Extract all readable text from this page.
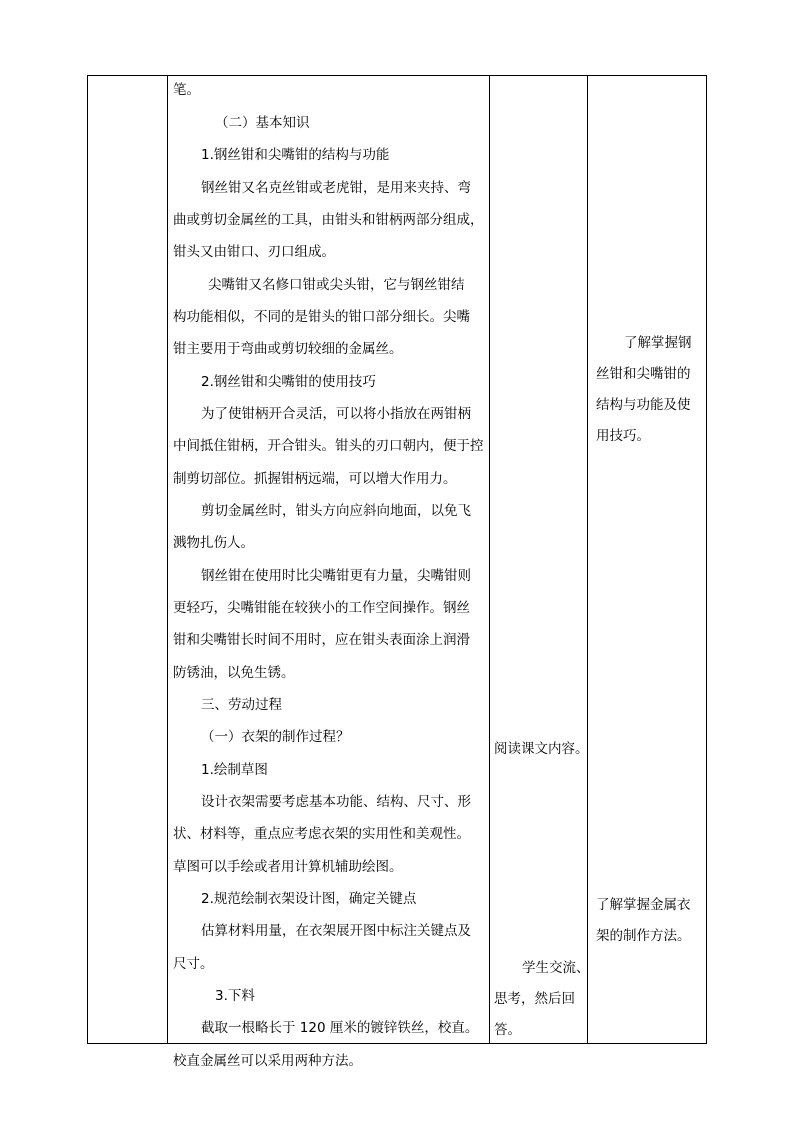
笔。
（二）基本知识
1.钢丝钳和尖嘴钳的结构与功能
钢丝钳又名克丝钳或老虎钳，是用来夹持、弯
曲或剪切金属丝的工具，由钳头和钳柄两部分组成，
钳头又由钳口、刃口组成。
尖嘴钳又名修口钳或尖头钳，它与钢丝钳结
构功能相似，不同的是钳头的钳口部分细长。尖嘴
钳主要用于弯曲或剪切较细的金属丝。
2.钢丝钳和尖嘴钳的使用技巧
为了使钳柄开合灵活，可以将小指放在两钳柄
中间抵住钳柄，开合钳头。钳头的刃口朝内，便于控
制剪切部位。抓握钳柄远端，可以增大作用力。
剪切金属丝时，钳头方向应斜向地面，以免飞
溅物扎伤人。
钢丝钳在使用时比尖嘴钳更有力量，尖嘴钳则
更轻巧，尖嘴钳能在较狭小的工作空间操作。钢丝
钳和尖嘴钳长时间不用时，应在钳头表面涂上润滑
防锈油，以免生锈。
三、劳动过程
（一）衣架的制作过程？
1.绘制草图
设计衣架需要考虑基本功能、结构、尺寸、形
状、材料等，重点应考虑衣架的实用性和美观性。
草图可以手绘或者用计算机辅助绘图。
2.规范绘制衣架设计图，确定关键点
估算材料用量，在衣架展开图中标注关键点及
尺寸。
3.下料
截取一根略长于 120 厘米的镀锌铁丝，校直。
校直金属丝可以采用两种方法。
阅读课文内容。
学生交流、
思考，然后回
答。
了解掌握钢
丝钳和尖嘴钳的
结构与功能及使
用技巧。
了解掌握金属衣
架的制作方法。
